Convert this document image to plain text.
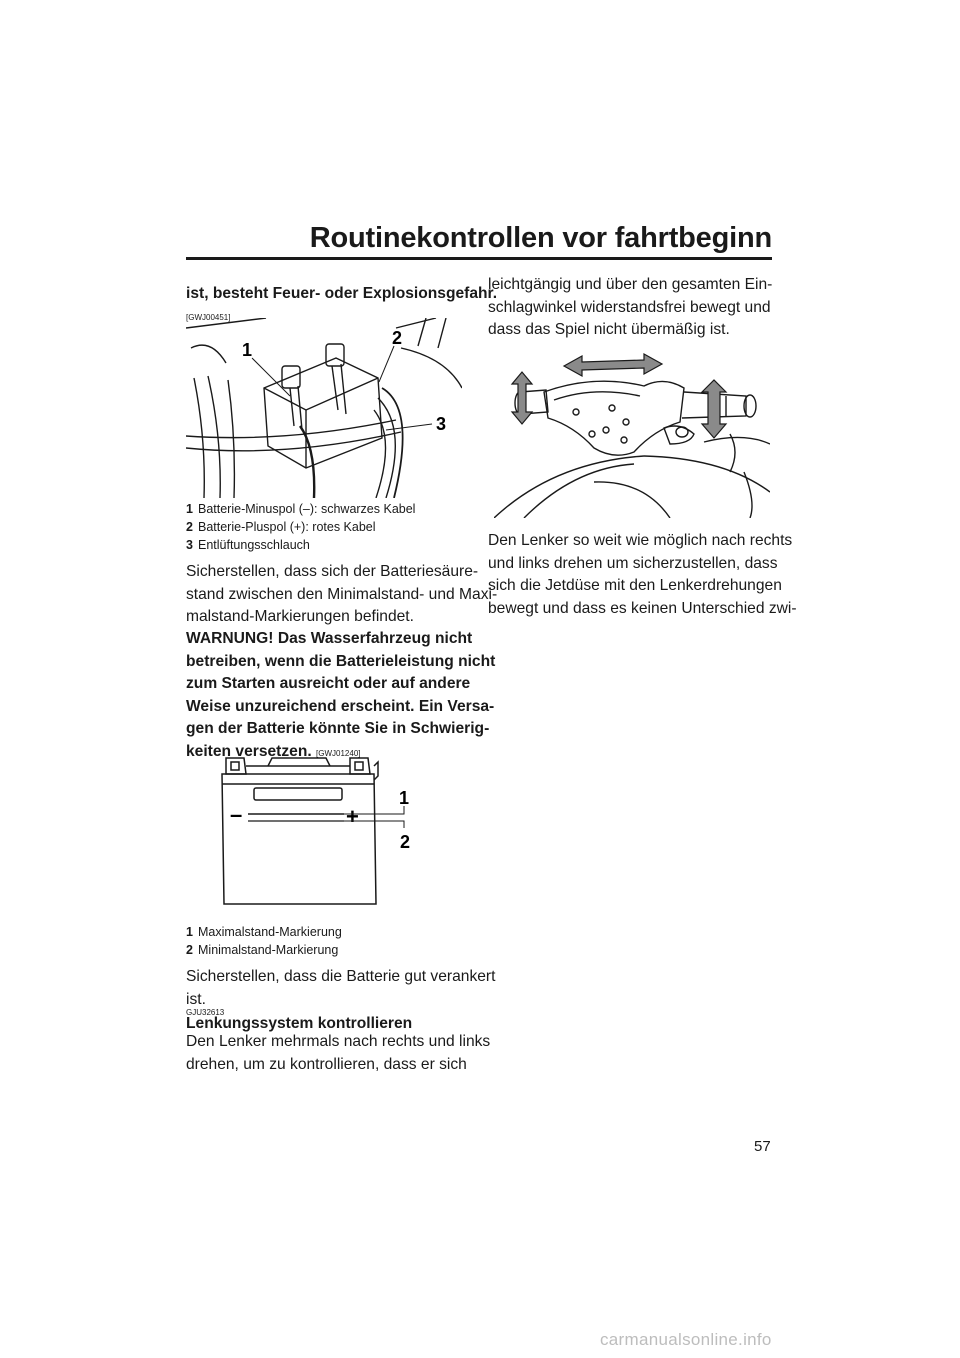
Routinekontrollen vor fahrtbeginn
ist, besteht Feuer- oder Explosionsgefahr.
[GWJ00451]
1
2
3
1 Batterie-Minuspol (–): schwarzes Kabel
2 Batterie-Pluspol (+): rotes Kabel
3 Entlüftungsschlauch
Sicherstellen, dass sich der Batteriesäure-
stand zwischen den Minimalstand- und Maxi-
malstand-Markierungen befindet.
WARNUNG! Das Wasserfahrzeug nicht
betreiben, wenn die Batterieleistung nicht
zum Starten ausreicht oder auf andere
Weise unzureichend erscheint. Ein Versa-
gen der Batterie könnte Sie in Schwierig-
keiten versetzen. [GWJ01240]
–	+
1
2
1 Maximalstand-Markierung
2 Minimalstand-Markierung
Sicherstellen, dass die Batterie gut verankert
ist.
GJU32613
Lenkungssystem kontrollieren
Den Lenker mehrmals nach rechts und links
drehen, um zu kontrollieren, dass er sich
leichtgängig und über den gesamten Ein-
schlagwinkel widerstandsfrei bewegt und
dass das Spiel nicht übermäßig ist.
Den Lenker so weit wie möglich nach rechts
und links drehen um sicherzustellen, dass
sich die Jetdüse mit den Lenkerdrehungen
bewegt und dass es keinen Unterschied zwi-
57
carmanualsonline.info
